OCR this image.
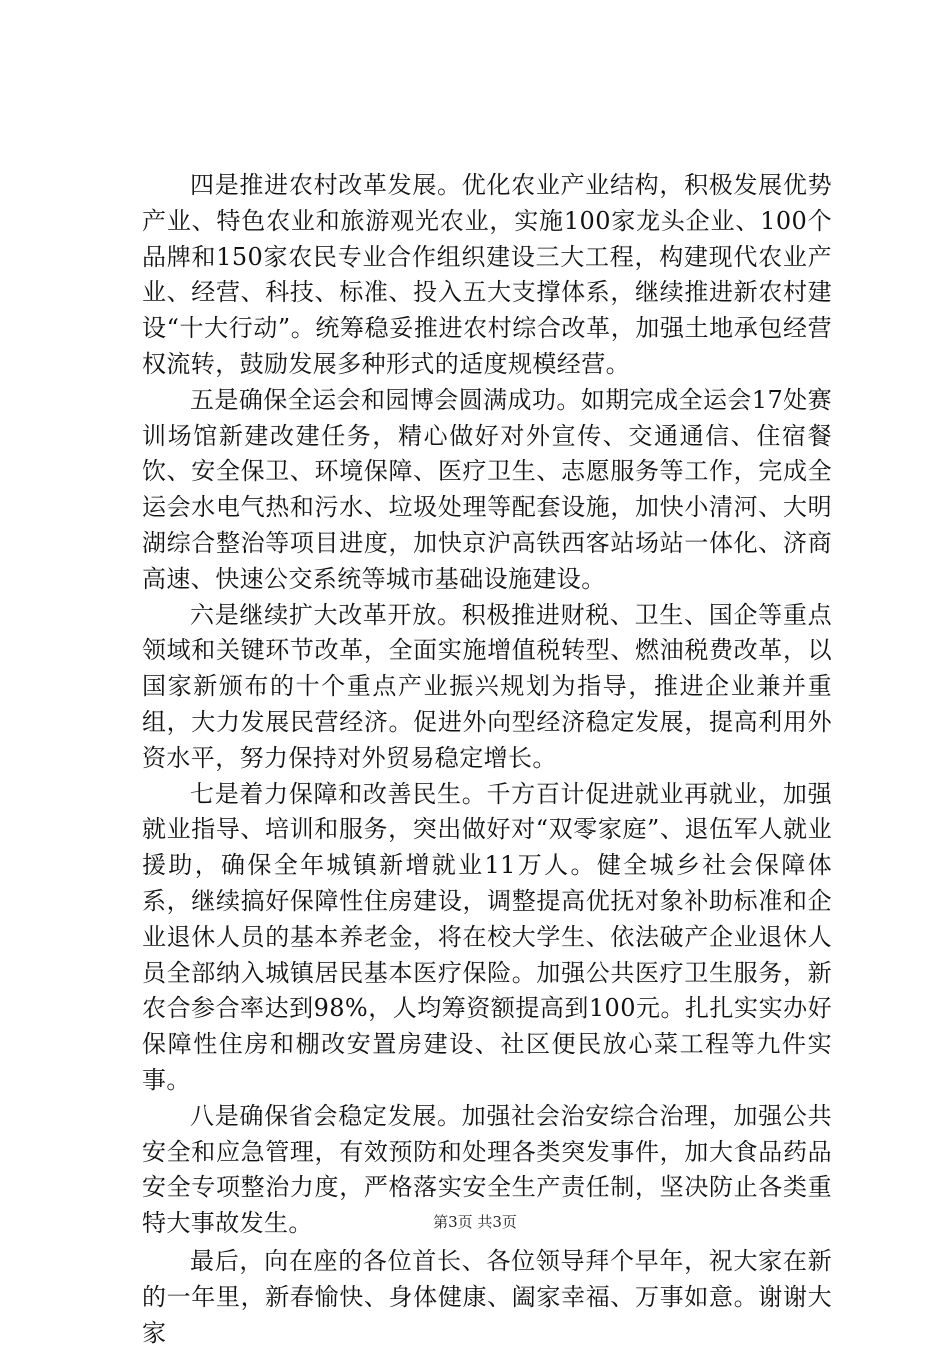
四是推进农村改革发展。优化农业产业结构，积极发展优势产业、特色农业和旅游观光农业，实施100家龙头企业、100个品牌和150家农民专业合作组织建设三大工程，构建现代农业产业、经营、科技、标准、投入五大支撑体系，继续推进新农村建设“十大行动”。统筹稳妥推进农村综合改革，加强土地承包经营权流转，鼓励发展多种形式的适度规模经营。

五是确保全运会和园博会圆满成功。如期完成全运会17处赛训场馆新建改建任务，精心做好对外宣传、交通通信、住宿餐饮、安全保卫、环境保障、医疗卫生、志愿服务等工作，完成全运会水电气热和污水、垃圾处理等配套设施，加快小清河、大明湖综合整治等项目进度，加快京沪高铁西客站场站一体化、济商高速、快速公交系统等城市基础设施建设。

六是继续扩大改革开放。积极推进财税、卫生、国企等重点领域和关键环节改革，全面实施增值税转型、燃油税费改革，以国家新颁布的十个重点产业振兴规划为指导，推进企业兼并重组，大力发展民营经济。促进外向型经济稳定发展，提高利用外资水平，努力保持对外贸易稳定增长。

七是着力保障和改善民生。千方百计促进就业再就业，加强就业指导、培训和服务，突出做好对“双零家庭”、退伍军人就业援助，确保全年城镇新增就业11万人。健全城乡社会保障体系，继续搞好保障性住房建设，调整提高优抚对象补助标准和企业退休人员的基本养老金，将在校大学生、依法破产企业退休人员全部纳入城镇居民基本医疗保险。加强公共医疗卫生服务，新农合参合率达到98%，人均筹资额提高到100元。扎扎实实办好保障性住房和棚改安置房建设、社区便民放心菜工程等九件实事。

八是确保省会稳定发展。加强社会治安综合治理，加强公共安全和应急管理，有效预防和处理各类突发事件，加大食品药品安全专项整治力度，严格落实安全生产责任制，坚决防止各类重特大事故发生。

最后，向在座的各位首长、各位领导拜个早年，祝大家在新的一年里，新春愉快、身体健康、阖家幸福、万事如意。谢谢大家

第3页 共3页
